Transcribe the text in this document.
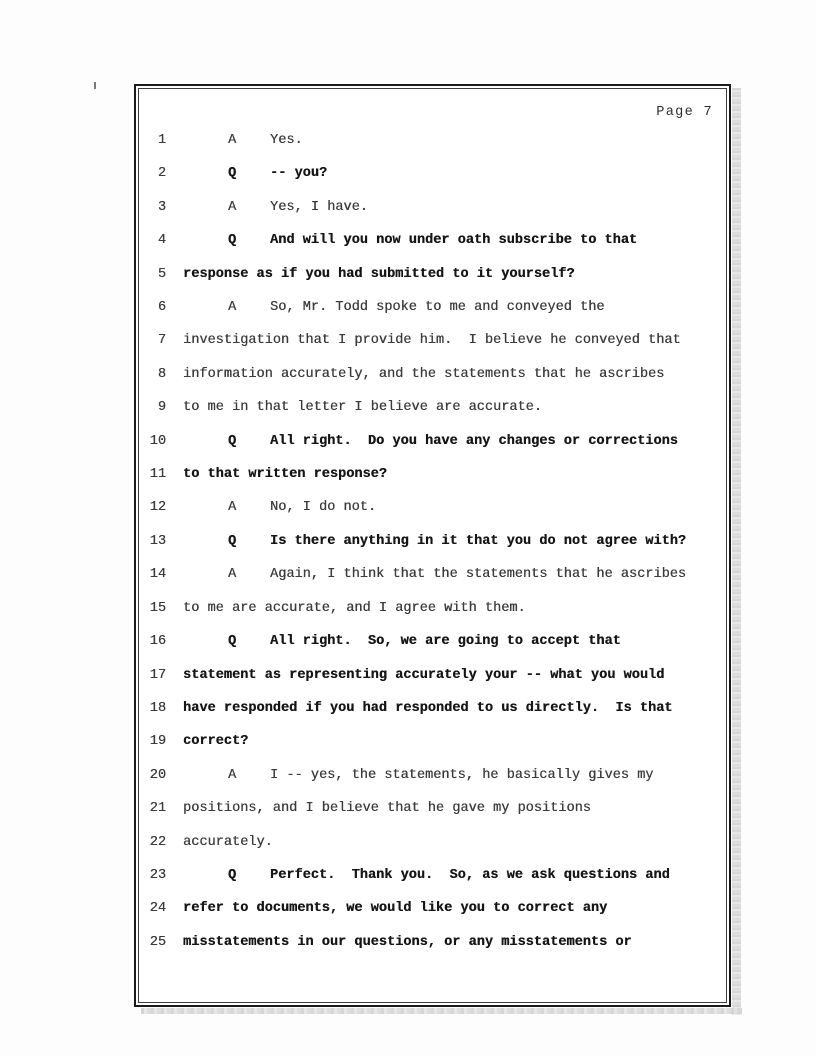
Page 7
1	A Yes.
2	Q -- you?
3	A Yes, I have.
4	Q And will you now under oath subscribe to that
5 response as if you had submitted to it yourself?
6	A So, Mr. Todd spoke to me and conveyed the
7 investigation that I provide him.  I believe he conveyed that
8 information accurately, and the statements that he ascribes
9 to me in that letter I believe are accurate.
10	Q All right.  Do you have any changes or corrections
11 to that written response?
12	A No, I do not.
13	Q Is there anything in it that you do not agree with?
14	A Again, I think that the statements that he ascribes
15 to me are accurate, and I agree with them.
16	Q All right.  So, we are going to accept that
17 statement as representing accurately your -- what you would
18 have responded if you had responded to us directly.  Is that
19 correct?
20	A I -- yes, the statements, he basically gives my
21 positions, and I believe that he gave my positions
22 accurately.
23	Q Perfect.  Thank you.  So, as we ask questions and
24 refer to documents, we would like you to correct any
25 misstatements in our questions, or any misstatements or
